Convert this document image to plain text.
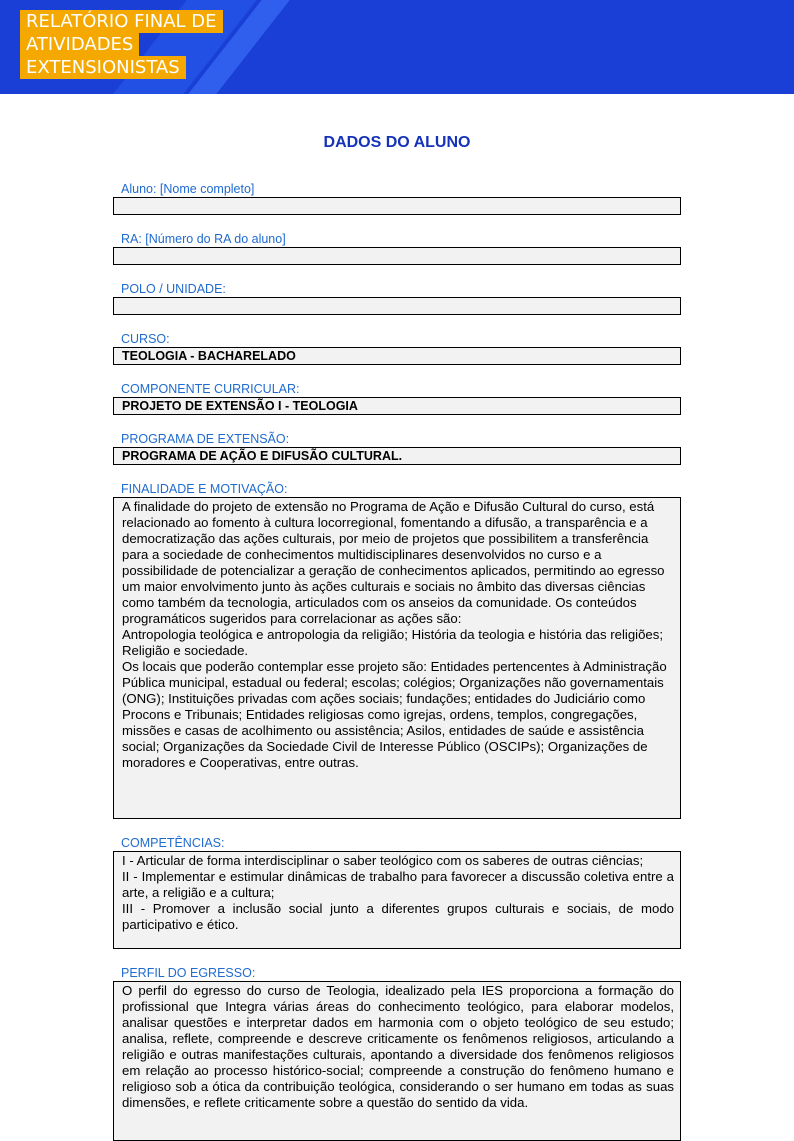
RELATÓRIO FINAL DE
ATIVIDADES
EXTENSIONISTAS
DADOS DO ALUNO
Aluno: [Nome completo]
RA: [Número do RA do aluno]
POLO / UNIDADE:
CURSO:
TEOLOGIA - BACHARELADO
COMPONENTE CURRICULAR:
PROJETO DE EXTENSÃO I - TEOLOGIA
PROGRAMA DE EXTENSÃO:
PROGRAMA DE AÇÃO E DIFUSÃO CULTURAL.
FINALIDADE E MOTIVAÇÃO:

A finalidade do projeto de extensão no Programa de Ação e Difusão Cultural do curso, está relacionado ao fomento à cultura locorregional, fomentando a difusão, a transparência e a democratização das ações culturais, por meio de projetos que possibilitem a transferência para a sociedade de conhecimentos multidisciplinares desenvolvidos no curso e a possibilidade de potencializar a geração de conhecimentos aplicados, permitindo ao egresso um maior envolvimento junto às ações culturais e sociais no âmbito das diversas ciências como também da tecnologia, articulados com os anseios da comunidade. Os conteúdos programáticos sugeridos para correlacionar as ações são:

Antropologia teológica e antropologia da religião; História da teologia e história das religiões; Religião e sociedade.

Os locais que poderão contemplar esse projeto são: Entidades pertencentes à Administração Pública municipal, estadual ou federal; escolas; colégios; Organizações não governamentais (ONG); Instituições privadas com ações sociais; fundações; entidades do Judiciário como Procons e Tribunais; Entidades religiosas como igrejas, ordens, templos, congregações, missões e casas de acolhimento ou assistência; Asilos, entidades de saúde e assistência social; Organizações da Sociedade Civil de Interesse Público (OSCIPs); Organizações de moradores e Cooperativas, entre outras.

COMPETÊNCIAS:

I - Articular de forma interdisciplinar o saber teológico com os saberes de outras ciências;

II - Implementar e estimular dinâmicas de trabalho para favorecer a discussão coletiva entre a arte, a religião e a cultura;

III - Promover a inclusão social junto a diferentes grupos culturais e sociais, de modo participativo e ético.

PERFIL DO EGRESSO:

O perfil do egresso do curso de Teologia, idealizado pela IES proporciona a formação do profissional que Integra várias áreas do conhecimento teológico, para elaborar modelos, analisar questões e interpretar dados em harmonia com o objeto teológico de seu estudo; analisa, reflete, compreende e descreve criticamente os fenômenos religiosos, articulando a religião e outras manifestações culturais, apontando a diversidade dos fenômenos religiosos em relação ao processo histórico-social; compreende a construção do fenômeno humano e religioso sob a ótica da contribuição teológica, considerando o ser humano em todas as suas dimensões, e reflete criticamente sobre a questão do sentido da vida.
